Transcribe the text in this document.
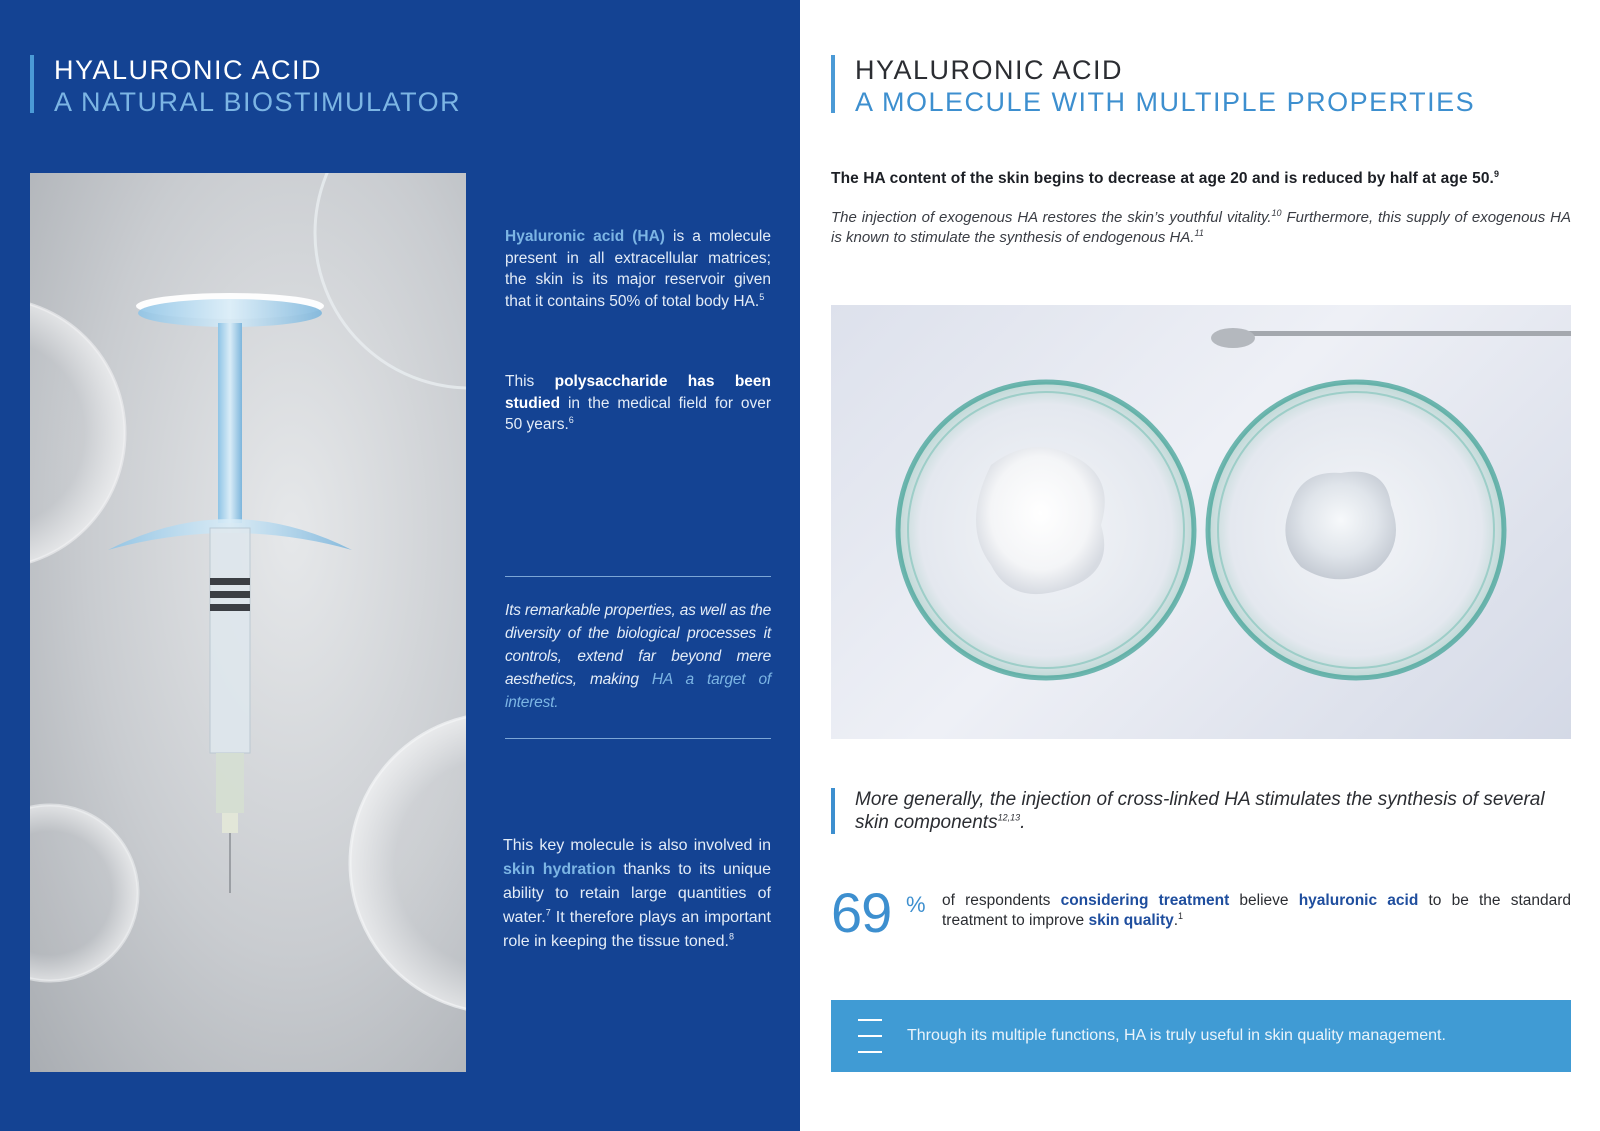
HYALURONIC ACID
A NATURAL BIOSTIMULATOR

Hyaluronic acid (HA) is a molecule present in all extracellular matrices; the skin is its major reservoir given that it contains 50% of total body HA.$^5$

This polysaccharide has been studied in the medical field for over 50 years.$^6$

Its remarkable properties, as well as the diversity of the biological processes it controls, extend far beyond mere aesthetics, making HA a target of interest.

This key molecule is also involved in skin hydration thanks to its unique ability to retain large quantities of water.$^7$ It therefore plays an important role in keeping the tissue toned.$^8$

HYALURONIC ACID
A MOLECULE WITH MULTIPLE PROPERTIES

The HA content of the skin begins to decrease at age 20 and is reduced by half at age 50.$^9$

The injection of exogenous HA restores the skin’s youthful vitality.$^{10}$ Furthermore, this supply of exogenous HA is known to stimulate the synthesis of endogenous HA.$^{11}$

More generally, the injection of cross-linked HA stimulates the synthesis of several skin components$^{12,13}$.

69 % of respondents considering treatment believe hyaluronic acid to be the standard treatment to improve skin quality.$^1$

Through its multiple functions, HA is truly useful in skin quality management.
